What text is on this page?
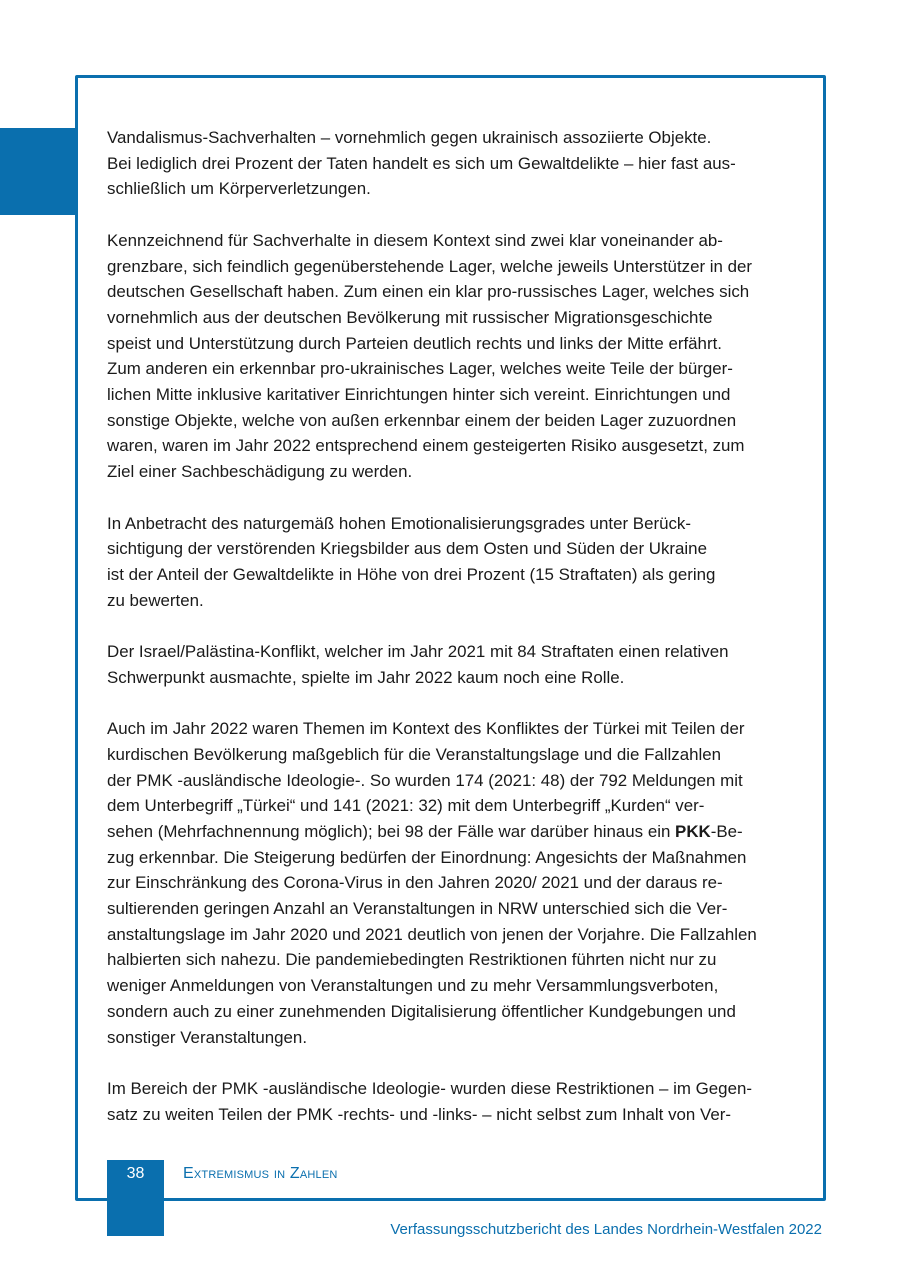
Vandalismus-Sachverhalten – vornehmlich gegen ukrainisch assoziierte Objekte.
Bei lediglich drei Prozent der Taten handelt es sich um Gewaltdelikte – hier fast aus-
schließlich um Körperverletzungen.

Kennzeichnend für Sachverhalte in diesem Kontext sind zwei klar voneinander ab-
grenzbare, sich feindlich gegenüberstehende Lager, welche jeweils Unterstützer in der
deutschen Gesellschaft haben. Zum einen ein klar pro-russisches Lager, welches sich
vornehmlich aus der deutschen Bevölkerung mit russischer Migrationsgeschichte
speist und Unterstützung durch Parteien deutlich rechts und links der Mitte erfährt.
Zum anderen ein erkennbar pro-ukrainisches Lager, welches weite Teile der bürger-
lichen Mitte inklusive karitativer Einrichtungen hinter sich vereint. Einrichtungen und
sonstige Objekte, welche von außen erkennbar einem der beiden Lager zuzuordnen
waren, waren im Jahr 2022 entsprechend einem gesteigerten Risiko ausgesetzt, zum
Ziel einer Sachbeschädigung zu werden.

In Anbetracht des naturgemäß hohen Emotionalisierungsgrades unter Berück-
sichtigung der verstörenden Kriegsbilder aus dem Osten und Süden der Ukraine
ist der Anteil der Gewaltdelikte in Höhe von drei Prozent (15 Straftaten) als gering
zu bewerten.

Der Israel/Palästina-Konflikt, welcher im Jahr 2021 mit 84 Straftaten einen relativen
Schwerpunkt ausmachte, spielte im Jahr 2022 kaum noch eine Rolle.

Auch im Jahr 2022 waren Themen im Kontext des Konfliktes der Türkei mit Teilen der
kurdischen Bevölkerung maßgeblich für die Veranstaltungslage und die Fallzahlen
der PMK -ausländische Ideologie-. So wurden 174 (2021: 48) der 792 Meldungen mit
dem Unterbegriff „Türkei“ und 141 (2021: 32) mit dem Unterbegriff „Kurden“ ver-
sehen (Mehrfachnennung möglich); bei 98 der Fälle war darüber hinaus ein PKK-Be-
zug erkennbar. Die Steigerung bedürfen der Einordnung: Angesichts der Maßnahmen
zur Einschränkung des Corona-Virus in den Jahren 2020/ 2021 und der daraus re-
sultierenden geringen Anzahl an Veranstaltungen in NRW unterschied sich die Ver-
anstaltungslage im Jahr 2020 und 2021 deutlich von jenen der Vorjahre. Die Fallzahlen
halbierten sich nahezu. Die pandemiebedingten Restriktionen führten nicht nur zu
weniger Anmeldungen von Veranstaltungen und zu mehr Versammlungsverboten,
sondern auch zu einer zunehmenden Digitalisierung öffentlicher Kundgebungen und
sonstiger Veranstaltungen.

Im Bereich der PMK -ausländische Ideologie- wurden diese Restriktionen – im Gegen-
satz zu weiten Teilen der PMK -rechts- und -links- – nicht selbst zum Inhalt von Ver-

38	Extremismus in Zahlen
Verfassungsschutzbericht des Landes Nordrhein-Westfalen 2022
